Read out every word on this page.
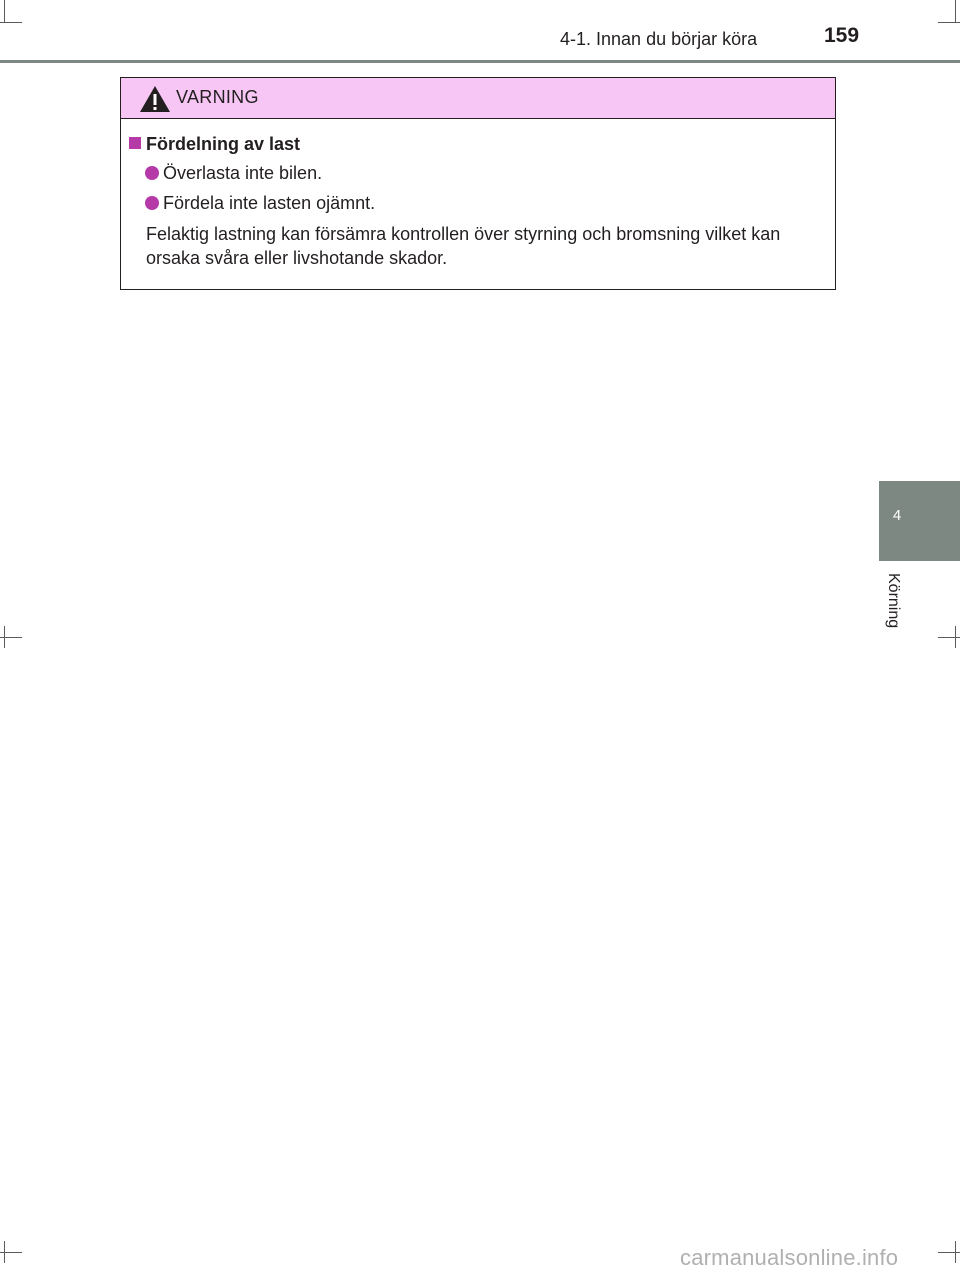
4-1. Innan du börjar köra	159
VARNING
Fördelning av last
Överlasta inte bilen.
Fördela inte lasten ojämnt.
Felaktig lastning kan försämra kontrollen över styrning och bromsning vilket kan orsaka svåra eller livshotande skador.
4
Körning
carmanualsonline.info
